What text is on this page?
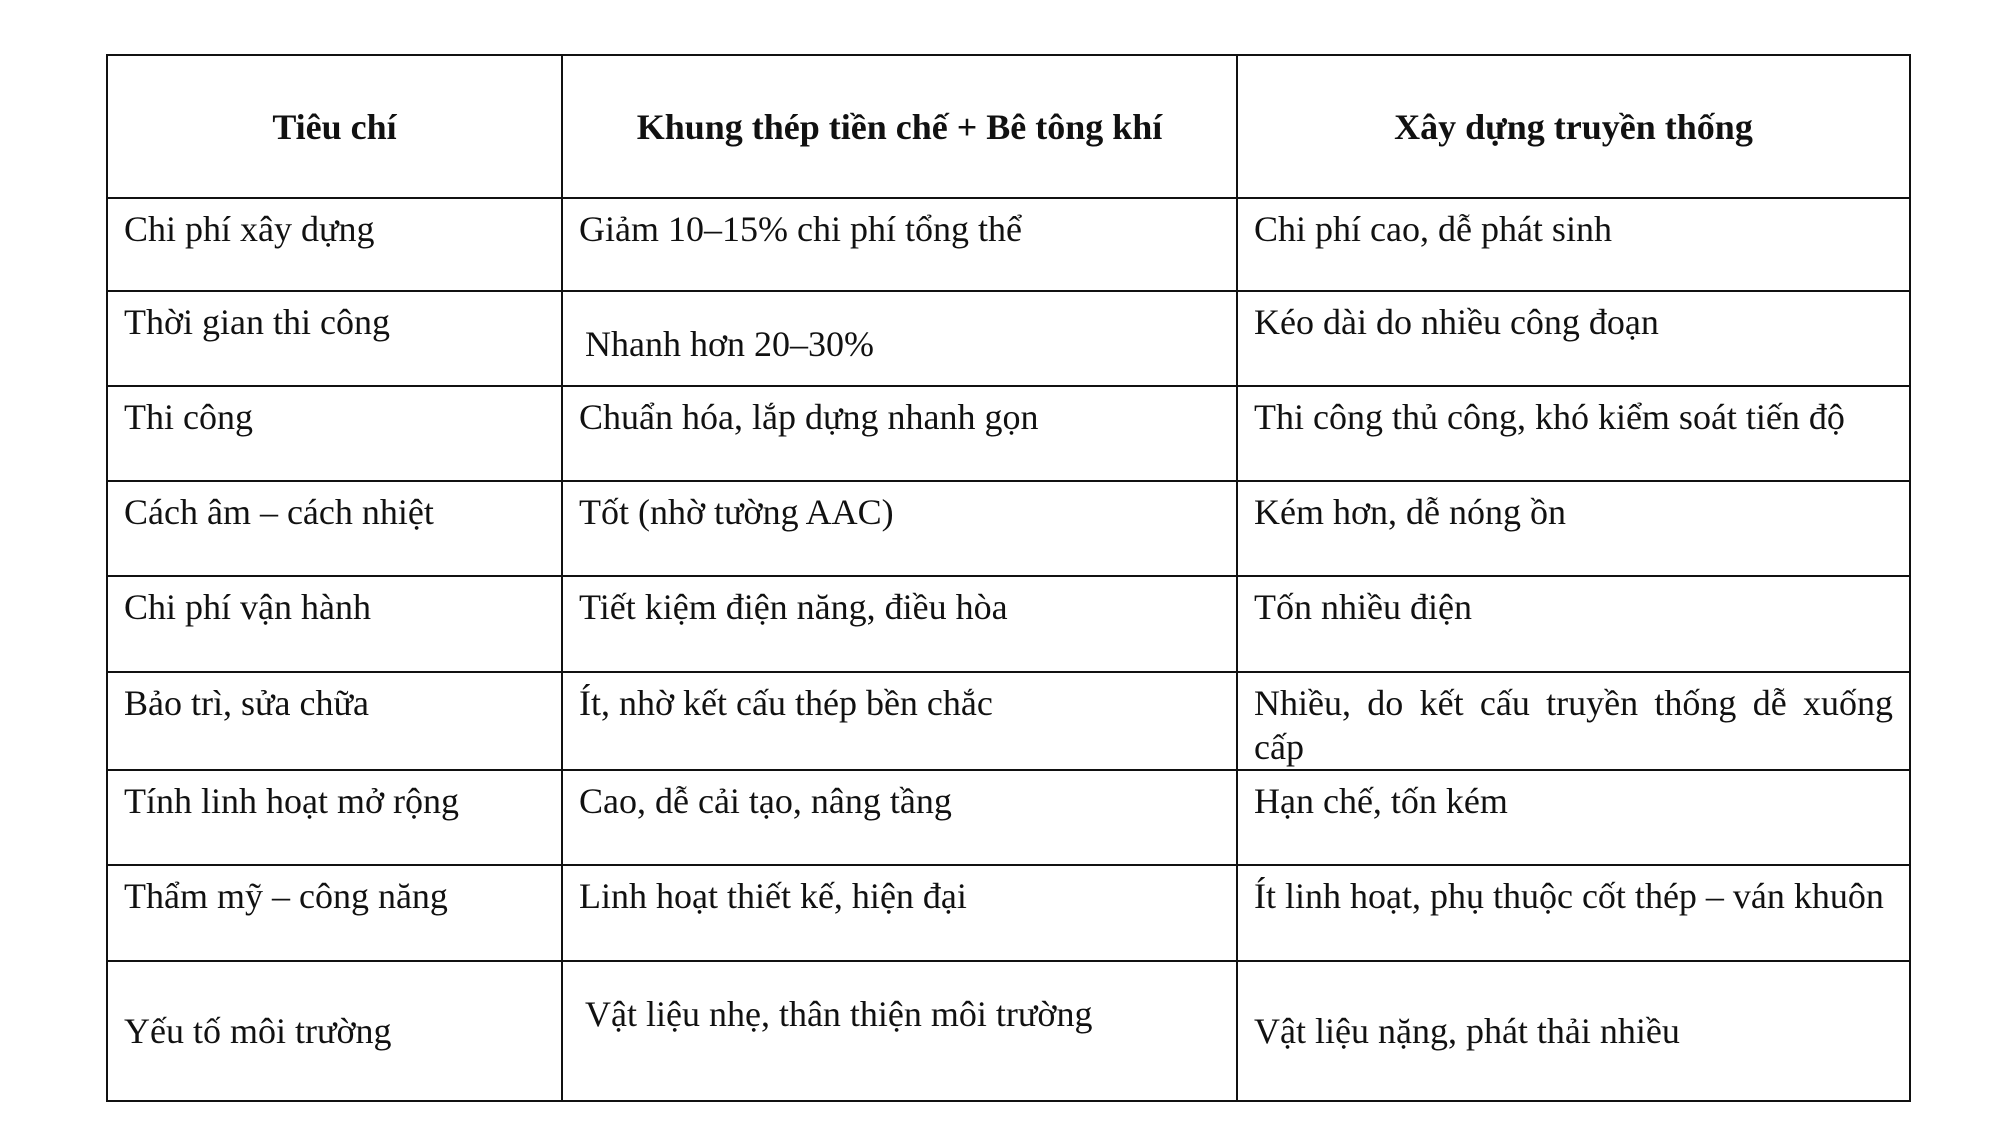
Tiêu chí	Khung thép tiền chế + Bê tông khí	Xây dựng truyền thống
Chi phí xây dựng	Giảm 10–15% chi phí tổng thể	Chi phí cao, dễ phát sinh
Thời gian thi công	Nhanh hơn 20–30%	Kéo dài do nhiều công đoạn
Thi công	Chuẩn hóa, lắp dựng nhanh gọn	Thi công thủ công, khó kiểm soát tiến độ
Cách âm – cách nhiệt	Tốt (nhờ tường AAC)	Kém hơn, dễ nóng ồn
Chi phí vận hành	Tiết kiệm điện năng, điều hòa	Tốn nhiều điện
Bảo trì, sửa chữa	Ít, nhờ kết cấu thép bền chắc	Nhiều, do kết cấu truyền thống dễ xuống cấp
Tính linh hoạt mở rộng	Cao, dễ cải tạo, nâng tầng	Hạn chế, tốn kém
Thẩm mỹ – công năng	Linh hoạt thiết kế, hiện đại	Ít linh hoạt, phụ thuộc cốt thép – ván khuôn
Yếu tố môi trường	Vật liệu nhẹ, thân thiện môi trường	Vật liệu nặng, phát thải nhiều
